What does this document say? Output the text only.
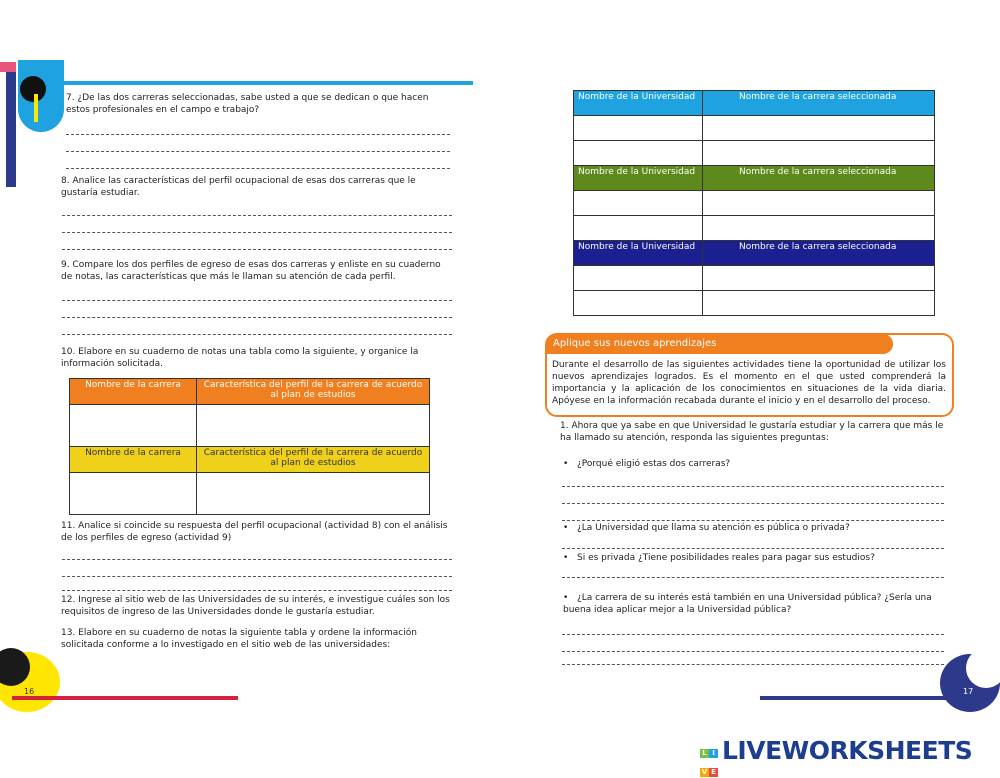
16
7. ¿De las dos carreras seleccionadas, sabe usted a que se dedican o que hacen estos profesionales en el campo e trabajo?
8. Analice las características del perfil ocupacional de esas dos carreras que le gustaría estudiar.
9. Compare los dos perfiles de egreso de esas dos carreras y enliste en su cuaderno de notas, las características que más le llaman su atención de cada perfil.
10. Elabore en su cuaderno de notas una tabla como la siguiente, y organice la información solicitada.
Nombre de la carrera	Característica del perfil de la carrera de acuerdo al plan de estudios

Nombre de la carrera	Característica del perfil de la carrera de acuerdo al plan de estudios

11. Analice si coincide su respuesta del perfil ocupacional (actividad 8) con el análisis de los perfiles de egreso (actividad 9)
12. Ingrese al sitio web de las Universidades de su interés, e investigue cuáles son los requisitos de ingreso de las Universidades donde le gustaría estudiar.
13. Elabore en su cuaderno de notas la siguiente tabla y ordene la información solicitada conforme a lo investigado en el sitio web de las universidades:
Nombre de la Universidad	Nombre de la carrera seleccionada

Nombre de la Universidad	Nombre de la carrera seleccionada

Nombre de la Universidad	Nombre de la carrera seleccionada

Aplique sus nuevos aprendizajes
Durante el desarrollo de las siguientes actividades tiene la oportunidad de utilizar los nuevos aprendizajes logrados. Es el momento en el que usted comprenderá la importancia y la aplicación de los conocimientos en situaciones de la vida diaria. Apóyese en la información recabada durante el inicio y en el desarrollo del proceso.
1. Ahora que ya sabe en que Universidad le gustaría estudiar y la carrera que más le ha llamado su atención, responda las siguientes preguntas:
• ¿Porqué eligió estas dos carreras?
• ¿La Universidad que llama su atención es pública o privada?
• Si es privada ¿Tiene posibilidades reales para pagar sus estudios?
• ¿La carrera de su interés está también en una Universidad pública? ¿Sería una buena idea aplicar mejor a la Universidad pública?
17
L IV E
LIVEWORKSHEETS
